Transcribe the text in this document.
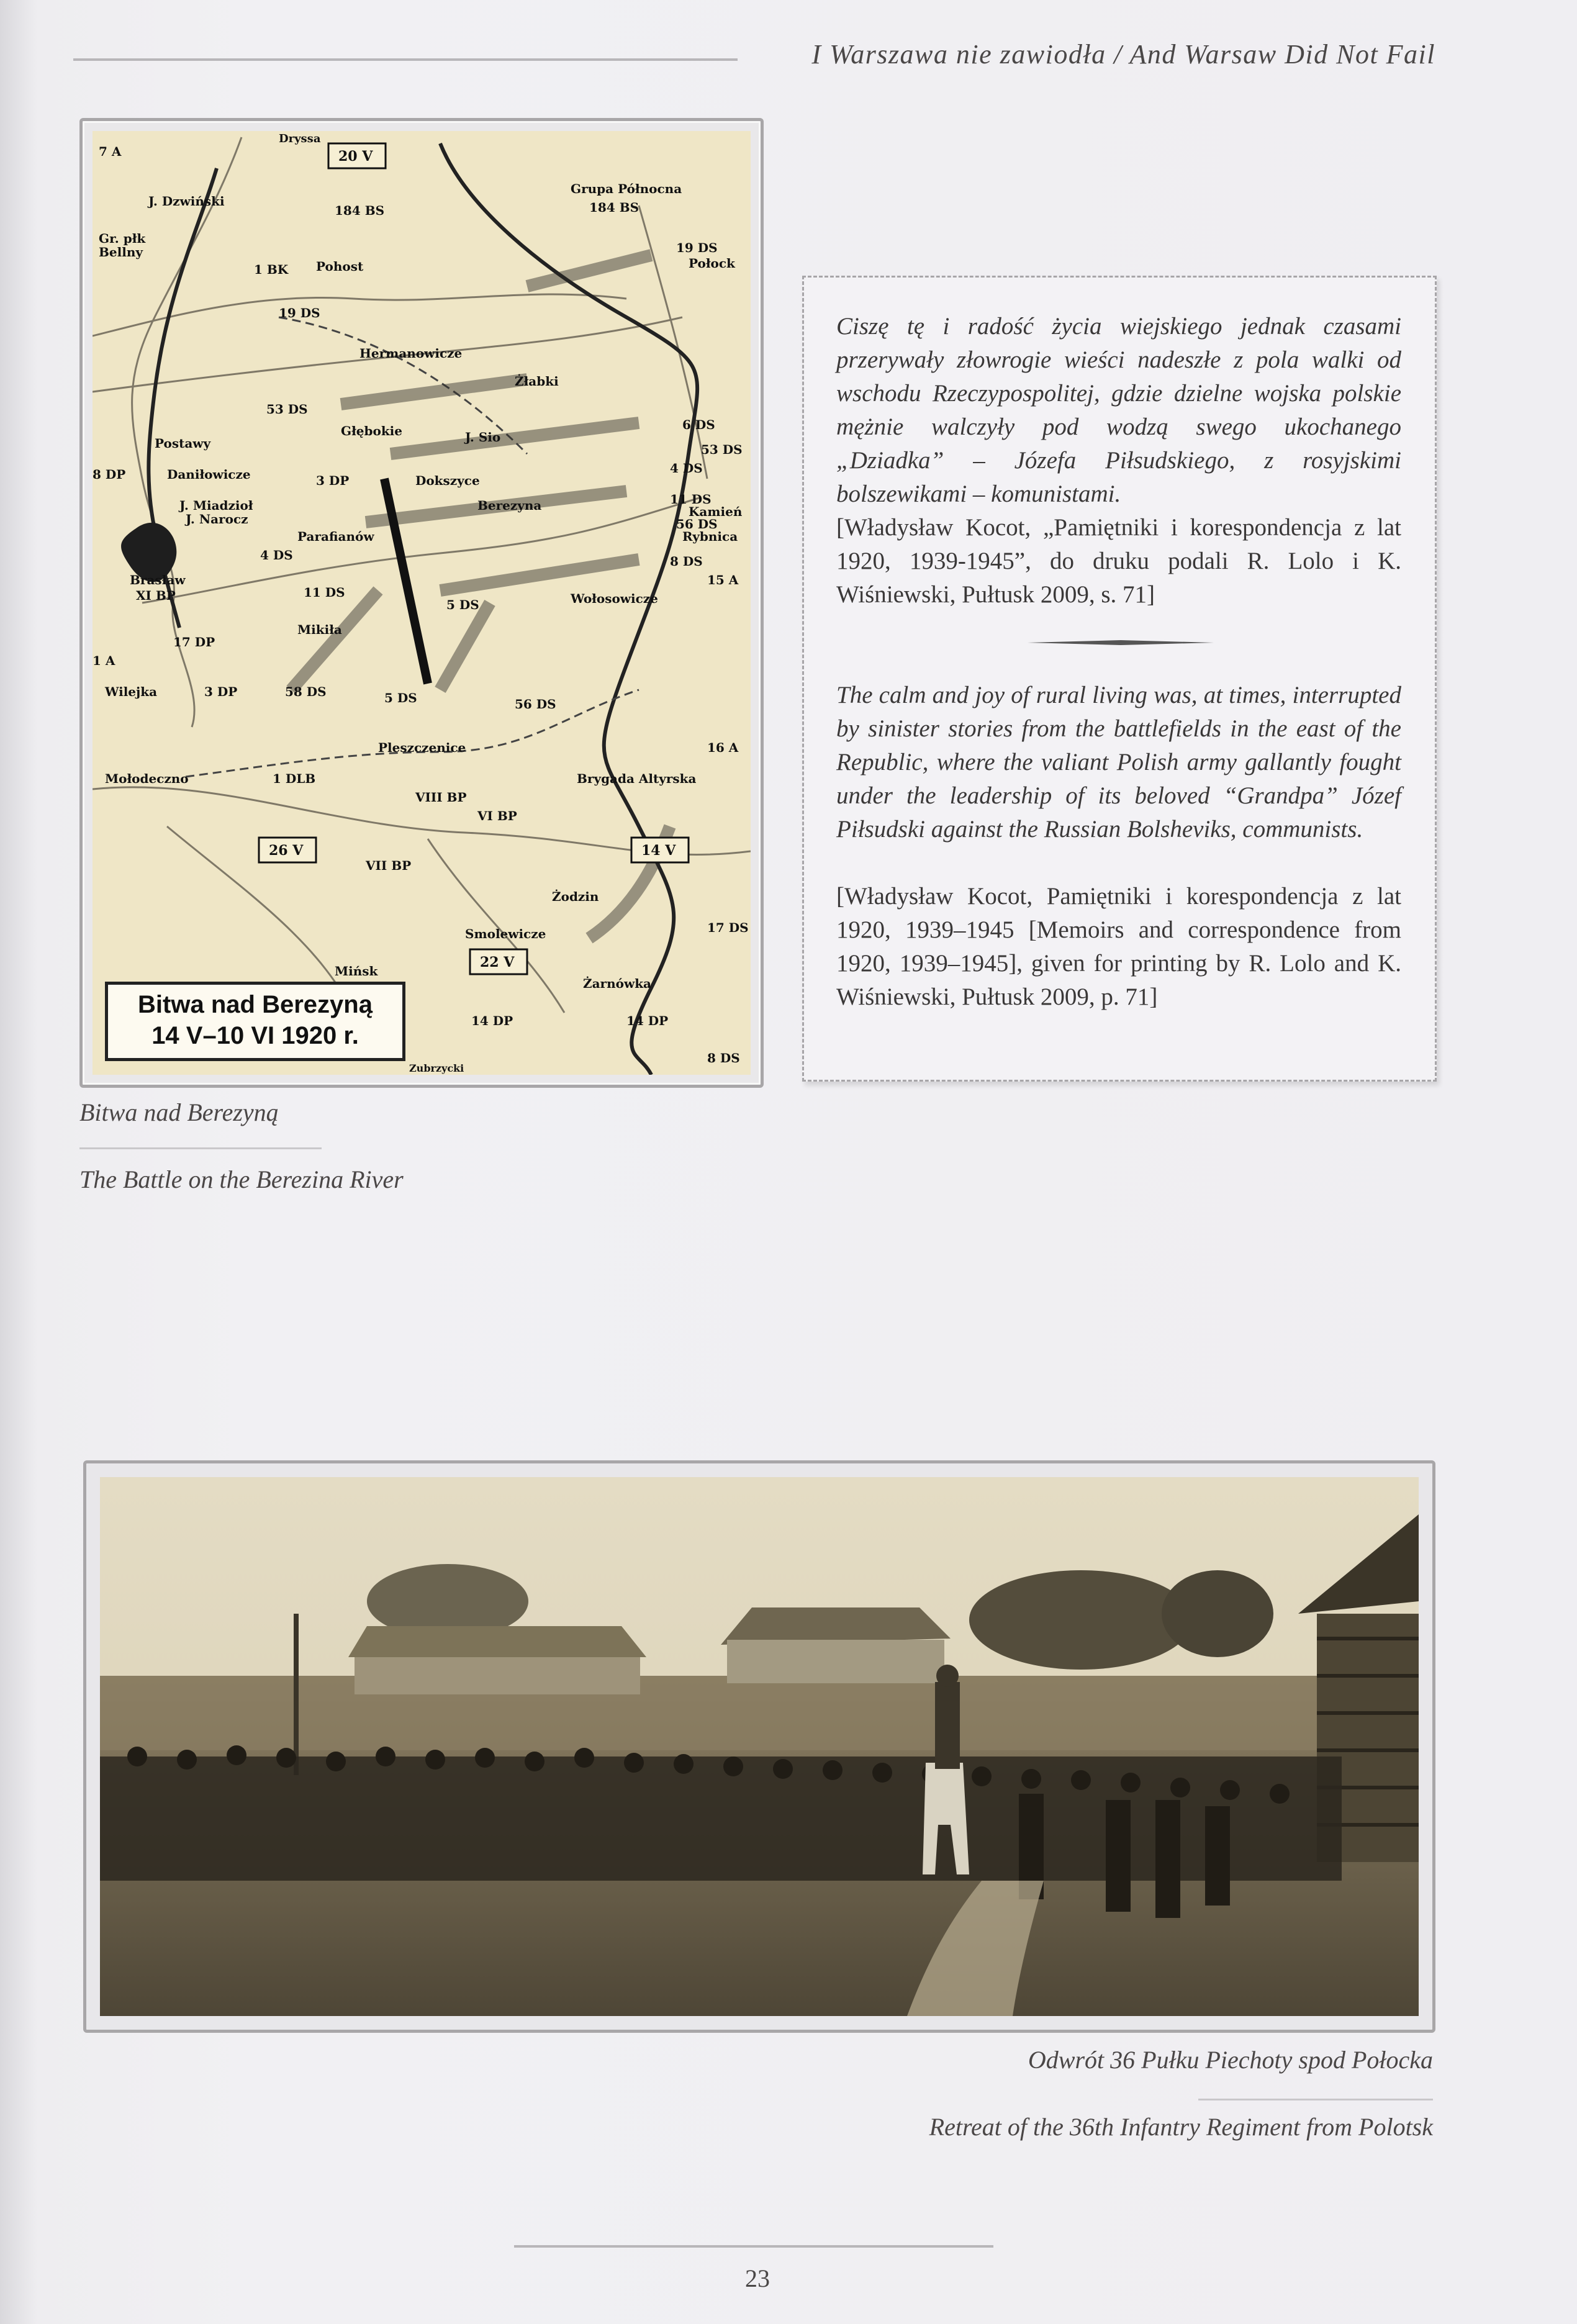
I Warszawa nie zawiodła / And Warsaw Did Not Fail
7 A
J. Dzwiński
Gr. płk
Bellny
1 BK Pohost
Grupa Północna
184 BS
184 BS
Połock
19 DS
19 DS
Hermanowicze
Żłabki
53 DS
6 DS
53 DS
Głębokie	J. Sio
4 DS
Postawy
8 DP	Daniłowicze	3 DP	Dokszyce
11 DS
Kamień
J. Miadzioł
J. Narocz
Parafianów
Berezyna
56 DS
Rybnica
4 DS	8 DS
Brasław
XI BP
15 A
Wołosowicze
11 DS
17 DP
1 A
Mikiła
5 DS
Wilejka	3 DP	58 DS	5 DS	56 DS
Pleszczenice	16 A
Mołodeczno	1 DLB
VIII BP
VI BP
Brygada Altyrska
VII BP
Żodzin
17 DS
Smolewicze
Mińsk
Żarnówka
14 DP	14 DP
8 DS
Zubrzycki
20 V
26 V	14 V
22 V
Dryssa
Bitwa nad Berezyną
14 V–10 VI 1920 r.
Bitwa nad Berezyną
The Battle on the Berezina River

Ciszę tę i radość życia wiejskiego jednak czasami przerywały złowrogie wieści nadeszłe z pola walki od wschodu Rzeczypospolitej, gdzie dzielne wojska polskie mężnie walczyły pod wodzą swego ukochanego „Dziadka” – Józefa Piłsudskiego, z rosyjskimi bolszewikami – komunistami.

[Władysław Kocot, „Pamiętniki i korespondencja z lat 1920, 1939-1945”, do druku podali R. Lolo i K. Wiśniewski, Pułtusk 2009, s. 71]

The calm and joy of rural living was, at times, interrupted by sinister stories from the battlefields in the east of the Republic, where the valiant Polish army gallantly fought under the leadership of its beloved “Grandpa” Józef Piłsudski against the Russian Bolsheviks, communists.

[Władysław Kocot, Pamiętniki i korespondencja z lat 1920, 1939–1945 [Memoirs and correspondence from 1920, 1939–1945], given for printing by R. Lolo and K. Wiśniewski, Pułtusk 2009, p. 71]

Odwrót 36 Pułku Piechoty spod Połocka
Retreat of the 36th Infantry Regiment from Polotsk
23
